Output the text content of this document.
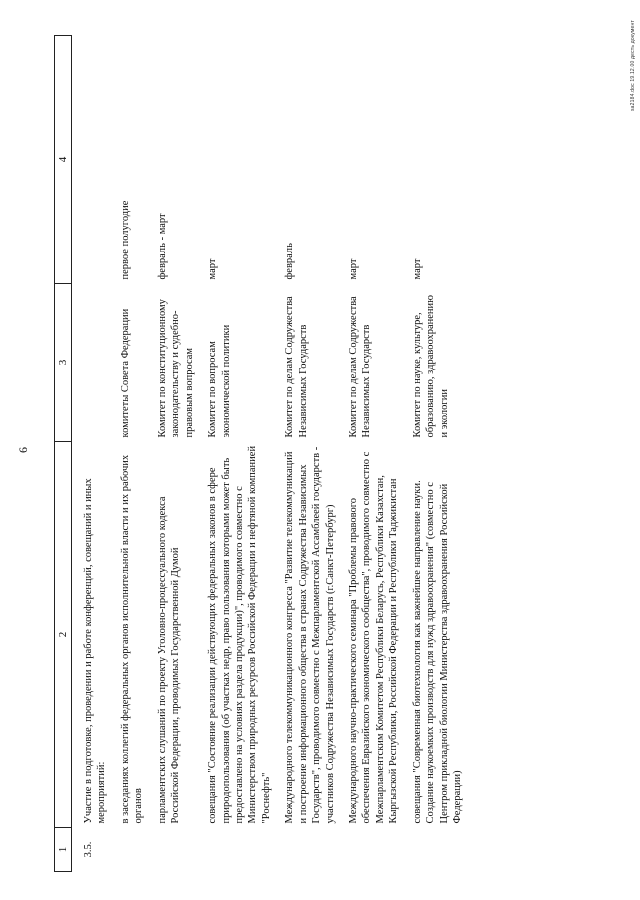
6
1	2	3	4
3.5.	Участие в подготовке, проведении и работе конференций, совещаний и иных мероприятий:		
	в заседаниях коллегий федеральных органов исполнительной власти и их рабочих органов	комитеты Совета Федерации	первое полугодие
	парламентских слушаний по проекту Уголовно-процессуального кодекса Российской Федерации, проводимых Государственной Думой	Комитет по конституционному законодательству и судебно-правовым вопросам	февраль - март
	совещания "Состояние реализации действующих федеральных законов в сфере природопользования (об участках недр, право пользования которыми может быть предоставлено на условиях раздела продукции)", проводимого совместно с Министерством природных ресурсов Российской Федерации и нефтяной компанией "Роснефть"	Комитет по вопросам экономической политики	март
	Международного телекоммуникационного конгресса "Развитие телекоммуникаций и построение информационного общества в странах Содружества Независимых Государств", проводимого совместно с Межпарламентской Ассамблеей государств - участников Содружества Независимых Государств (г.Санкт-Петербург)	Комитет по делам Содружества Независимых Государств	февраль
	Международного научно-практического семинара "Проблемы правового обеспечения Евразийского экономического сообщества", проводимого совместно с Межпарламентским Комитетом Республики Беларусь, Республики Казахстан, Кыргызской Республики, Российской Федерации и Республики Таджикистан	Комитет по делам Содружества Независимых Государств	март
	совещания "Современная биотехнология как важнейшее направление науки. Создание наукоемких производств для нужд здравоохранения" (совместно с Центром прикладной биологии Министерства здравоохранения Российской Федерации)	Комитет по науке, культуре, образованию, здравоохранению и экологии	март
sa2184.doc 19.12.00 десть документ
